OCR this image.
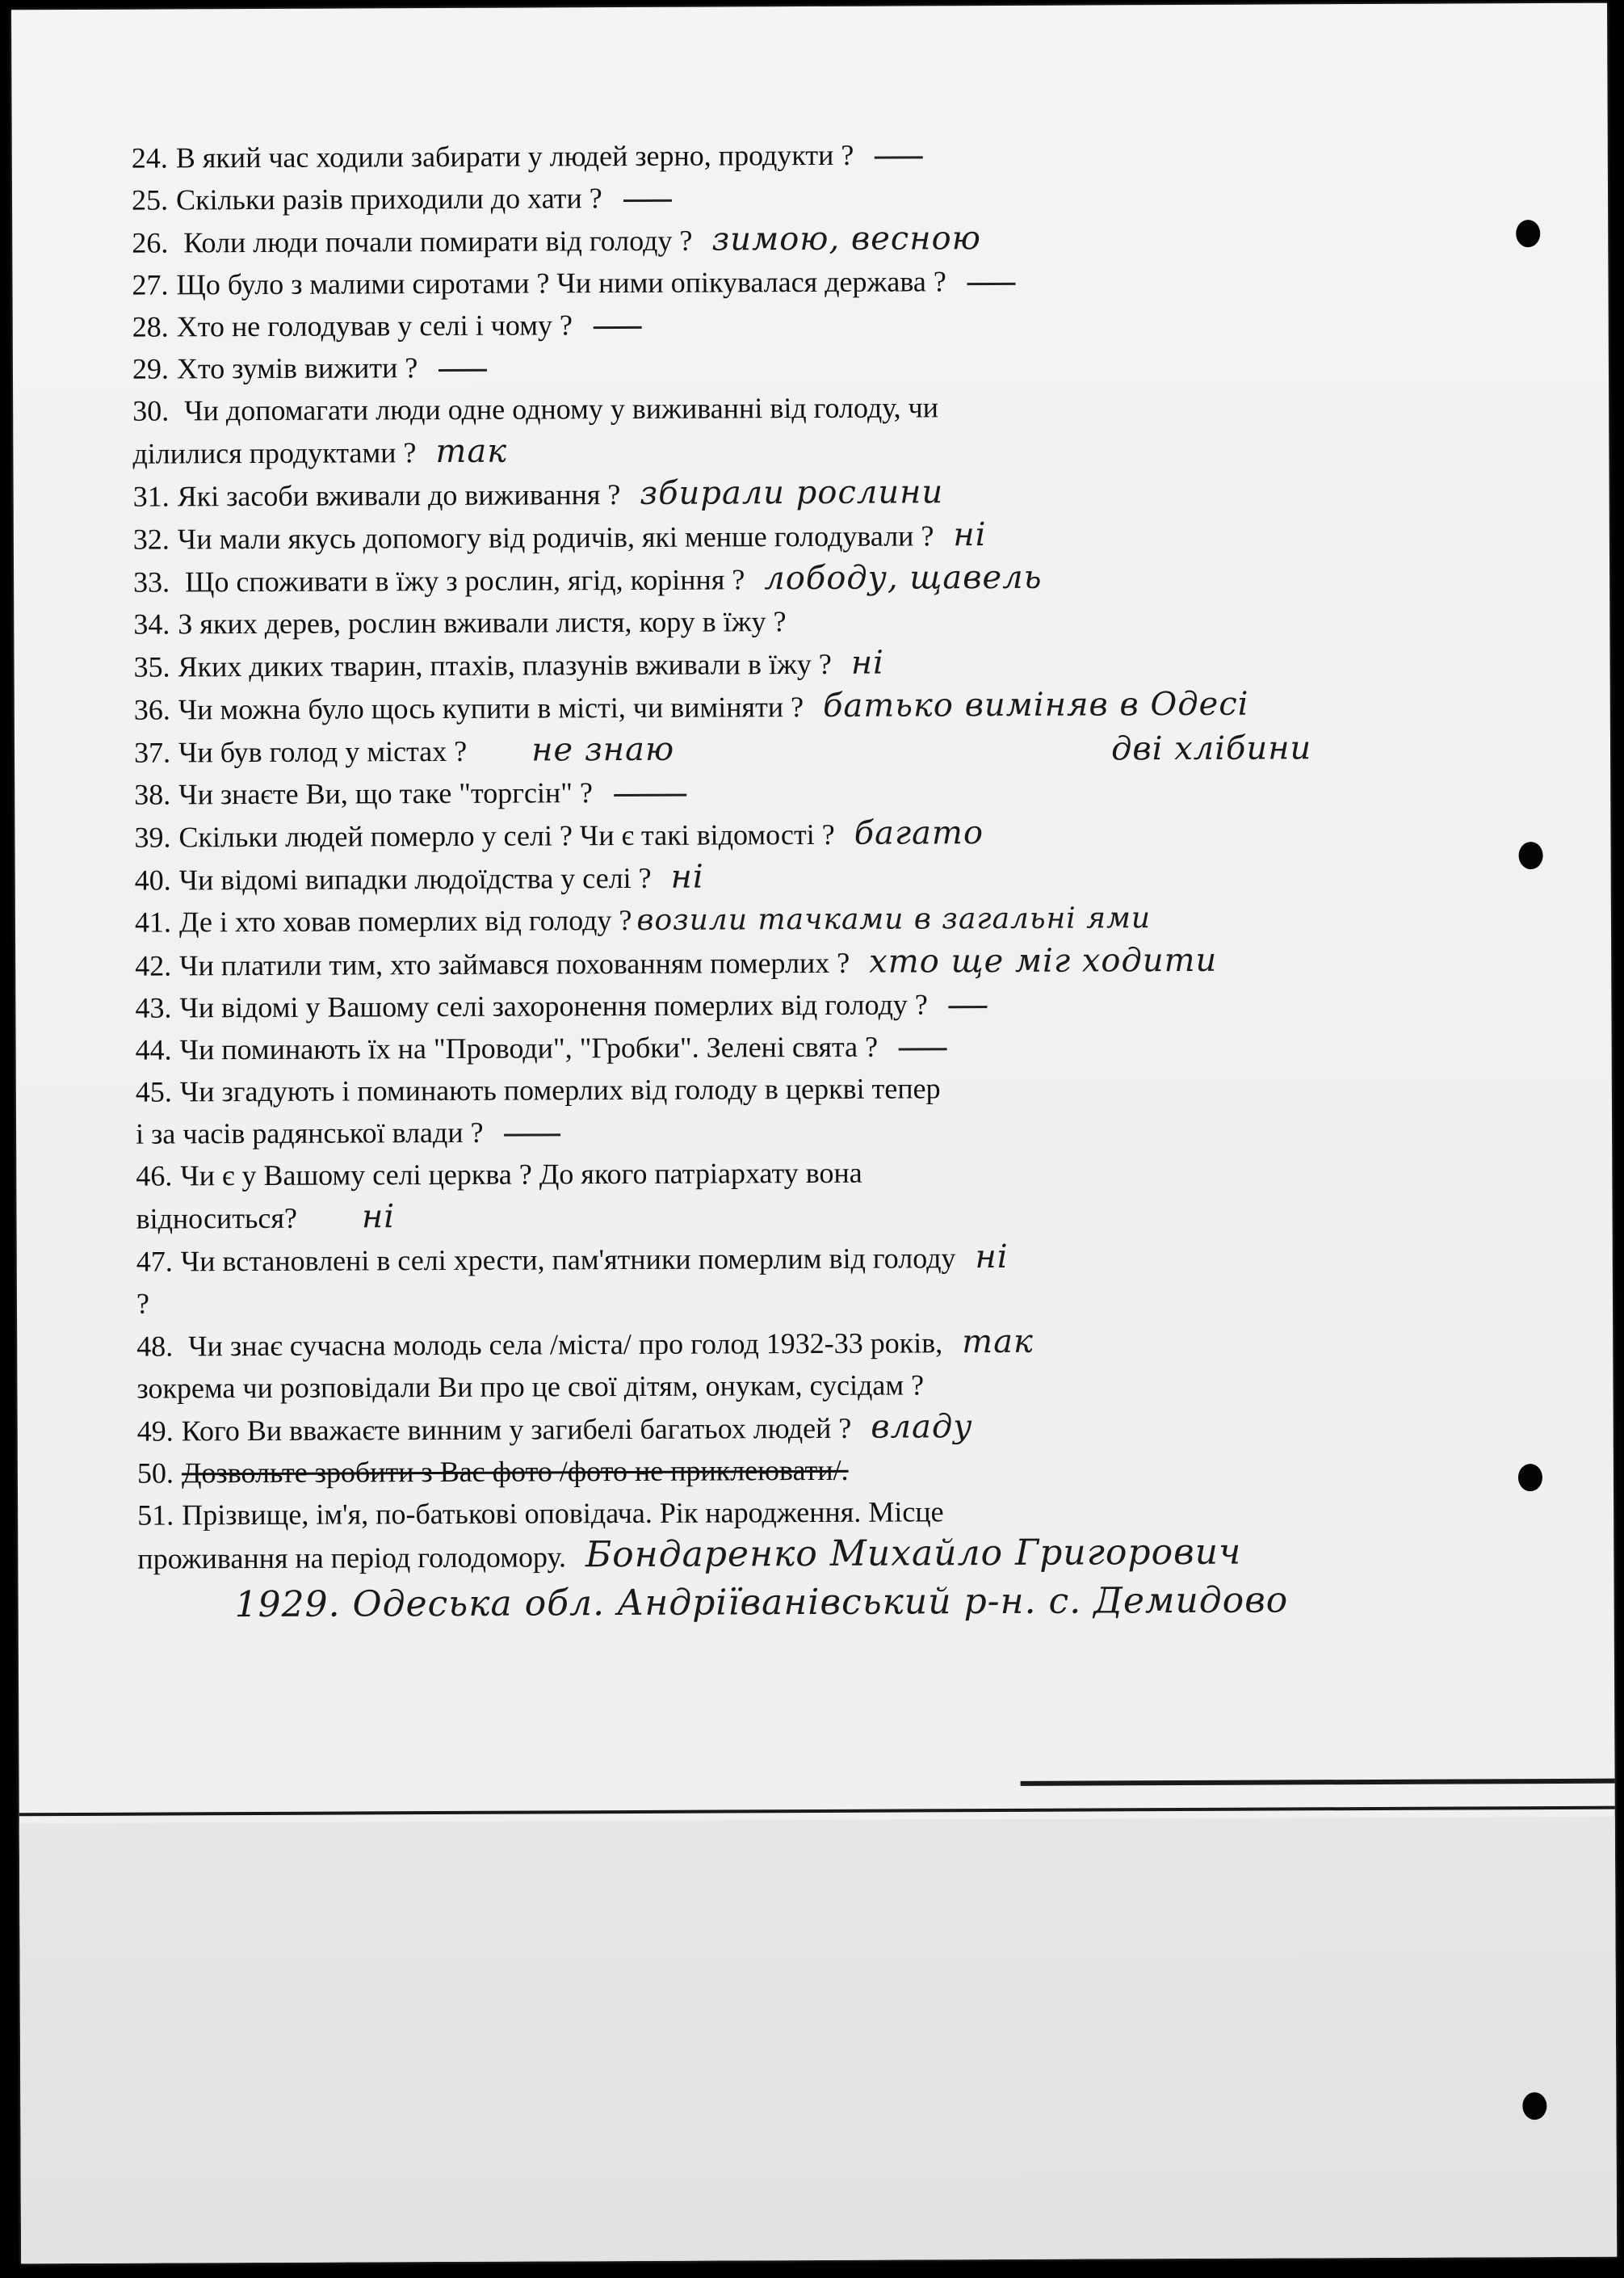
24. В який час ходили забирати у людей зерно, продукти ?
25. Скільки разів приходили до хати ?
26. Коли люди почали помирати від голоду ? зимою, весною
27. Що було з малими сиротами ? Чи ними опікувалася держава ?
28. Хто не голодував у селі і чому ?
29. Хто зумів вижити ?
30. Чи допомагати люди одне одному у виживанні від голоду, чи
ділилися продуктами ? так
31. Які засоби вживали до виживання ? збирали рослини
32. Чи мали якусь допомогу від родичів, які менше голодували ? ні
33. Що споживати в їжу з рослин, ягід, коріння ? лободу, щавель
34. З яких дерев, рослин вживали листя, кору в їжу ?
35. Яких диких тварин, птахів, плазунів вживали в їжу ? ні
36. Чи можна було щось купити в місті, чи виміняти ? батько виміняв в Одесі
37. Чи був голод у містах ? не знаю	дві хлібини
38. Чи знаєте Ви, що таке "торгсін" ?
39. Скільки людей померло у селі ? Чи є такі відомості ? багато
40. Чи відомі випадки людоїдства у селі ? ні
41. Де і хто ховав померлих від голоду ? возили тачками в загальні ями
42. Чи платили тим, хто займався похованням померлих ? хто ще міг ходити
43. Чи відомі у Вашому селі захоронення померлих від голоду ?
44. Чи поминають їх на "Проводи", "Гробки". Зелені свята ?
45. Чи згадують і поминають померлих від голоду в церкві тепер
і за часів радянської влади ?
46. Чи є у Вашому селі церква ? До якого патріархату вона
відноситься? ні
47. Чи встановлені в селі хрести, пам'ятники померлим від голоду ні
?
48. Чи знає сучасна молодь села /міста/ про голод 1932-33 років, так
зокрема чи розповідали Ви про це свої дітям, онукам, сусідам ?
49. Кого Ви вважаєте винним у загибелі багатьох людей ? владу
50. Дозвольте зробити з Вас фото /фото не приклеювати/.
51. Прізвище, ім'я, по-батькові оповідача. Рік народження. Місце
проживання на період голодомору. Бондаренко Михайло Григорович
1929. Одеська обл. Андріїванівський р-н. с. Демидово
